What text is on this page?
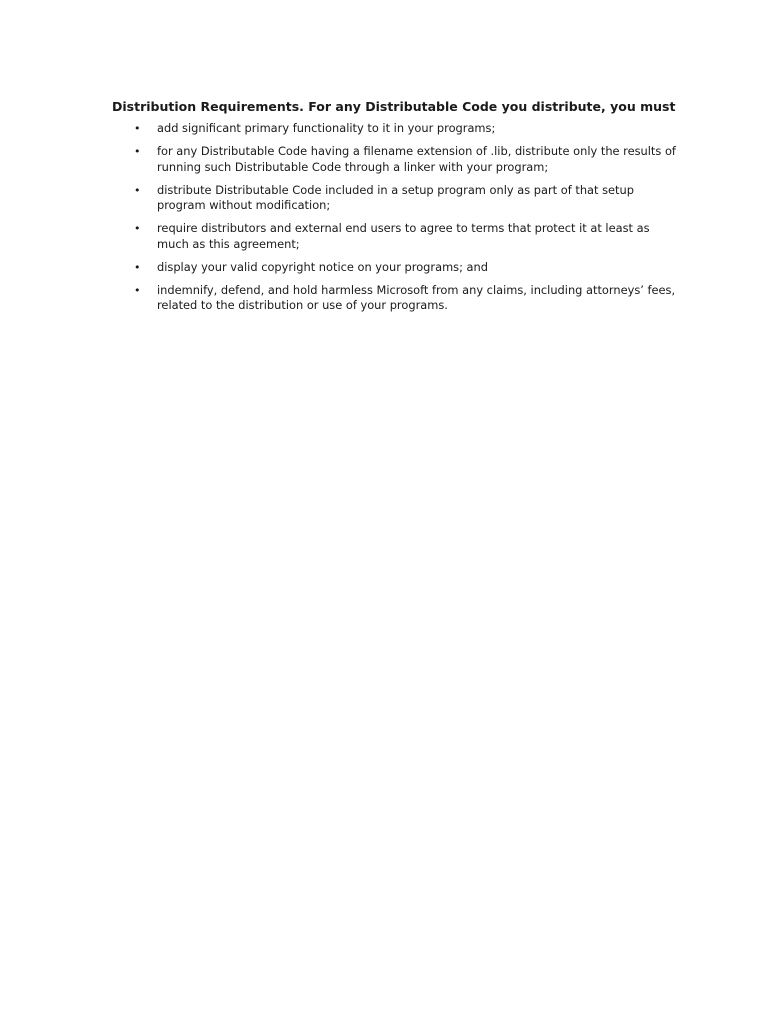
Distribution Requirements. For any Distributable Code you distribute, you must
• add significant primary functionality to it in your programs;
• for any Distributable Code having a filename extension of .lib, distribute only the results of running such Distributable Code through a linker with your program;
• distribute Distributable Code included in a setup program only as part of that setup program without modification;
• require distributors and external end users to agree to terms that protect it at least as much as this agreement;
• display your valid copyright notice on your programs; and
• indemnify, defend, and hold harmless Microsoft from any claims, including attorneys’ fees, related to the distribution or use of your programs.
